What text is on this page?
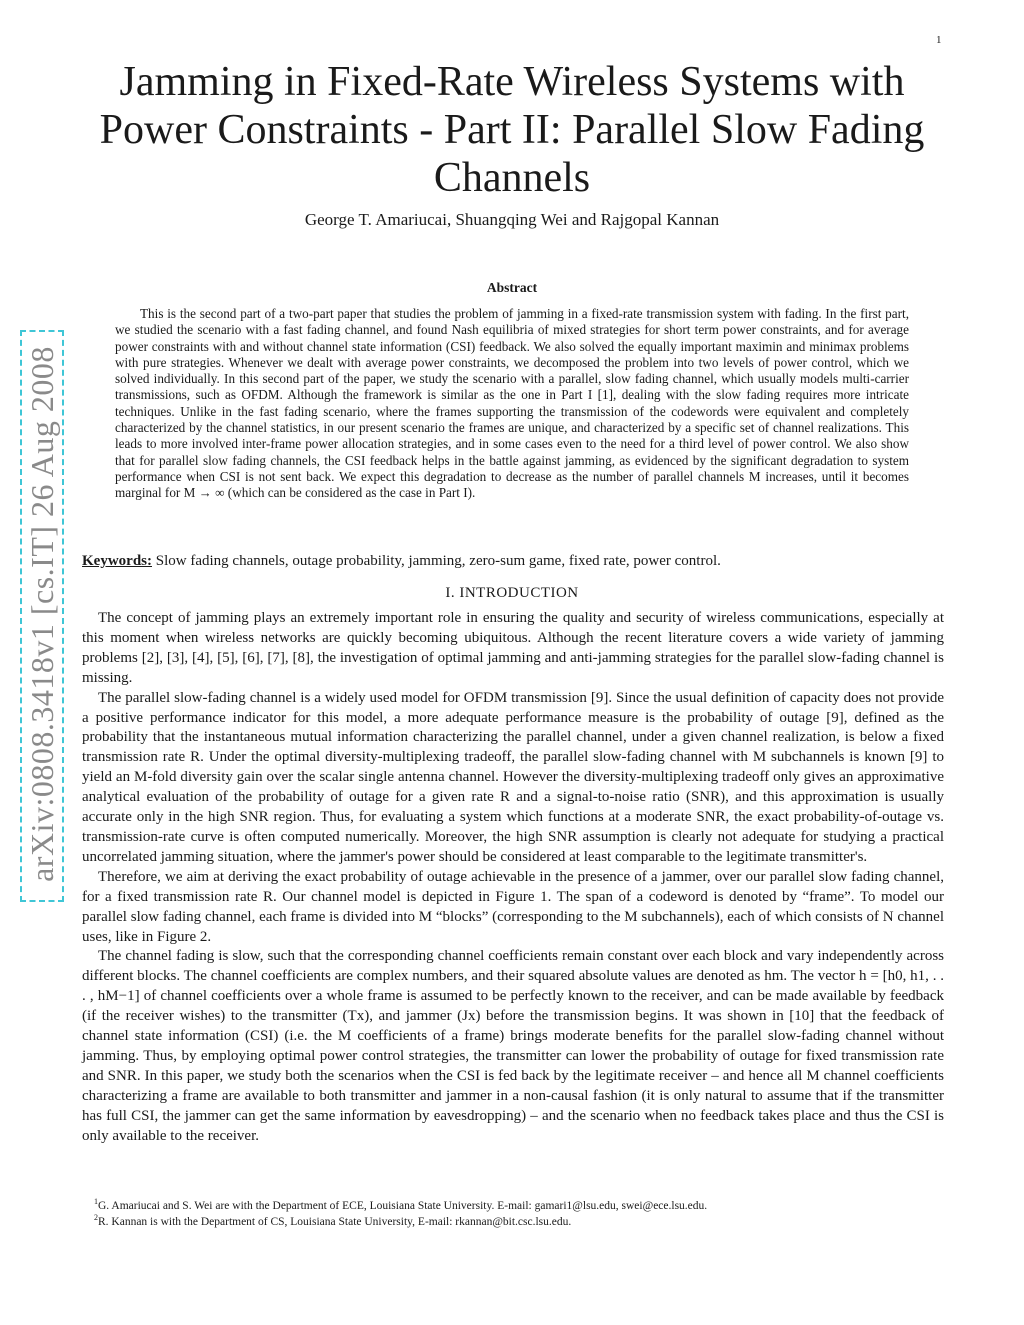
1
arXiv:0808.3418v1 [cs.IT] 26 Aug 2008
Jamming in Fixed-Rate Wireless Systems with Power Constraints - Part II: Parallel Slow Fading Channels
George T. Amariucai, Shuangqing Wei and Rajgopal Kannan
Abstract

This is the second part of a two-part paper that studies the problem of jamming in a fixed-rate transmission system with fading. In the first part, we studied the scenario with a fast fading channel, and found Nash equilibria of mixed strategies for short term power constraints, and for average power constraints with and without channel state information (CSI) feedback. We also solved the equally important maximin and minimax problems with pure strategies. Whenever we dealt with average power constraints, we decomposed the problem into two levels of power control, which we solved individually. In this second part of the paper, we study the scenario with a parallel, slow fading channel, which usually models multi-carrier transmissions, such as OFDM. Although the framework is similar as the one in Part I [1], dealing with the slow fading requires more intricate techniques. Unlike in the fast fading scenario, where the frames supporting the transmission of the codewords were equivalent and completely characterized by the channel statistics, in our present scenario the frames are unique, and characterized by a specific set of channel realizations. This leads to more involved inter-frame power allocation strategies, and in some cases even to the need for a third level of power control. We also show that for parallel slow fading channels, the CSI feedback helps in the battle against jamming, as evidenced by the significant degradation to system performance when CSI is not sent back. We expect this degradation to decrease as the number of parallel channels M increases, until it becomes marginal for M → ∞ (which can be considered as the case in Part I).

Keywords: Slow fading channels, outage probability, jamming, zero-sum game, fixed rate, power control.
I. INTRODUCTION

The concept of jamming plays an extremely important role in ensuring the quality and security of wireless communications, especially at this moment when wireless networks are quickly becoming ubiquitous. Although the recent literature covers a wide variety of jamming problems [2], [3], [4], [5], [6], [7], [8], the investigation of optimal jamming and anti-jamming strategies for the parallel slow-fading channel is missing.

The parallel slow-fading channel is a widely used model for OFDM transmission [9]. Since the usual definition of capacity does not provide a positive performance indicator for this model, a more adequate performance measure is the probability of outage [9], defined as the probability that the instantaneous mutual information characterizing the parallel channel, under a given channel realization, is below a fixed transmission rate R. Under the optimal diversity-multiplexing tradeoff, the parallel slow-fading channel with M subchannels is known [9] to yield an M-fold diversity gain over the scalar single antenna channel. However the diversity-multiplexing tradeoff only gives an approximative analytical evaluation of the probability of outage for a given rate R and a signal-to-noise ratio (SNR), and this approximation is usually accurate only in the high SNR region. Thus, for evaluating a system which functions at a moderate SNR, the exact probability-of-outage vs. transmission-rate curve is often computed numerically. Moreover, the high SNR assumption is clearly not adequate for studying a practical uncorrelated jamming situation, where the jammer's power should be considered at least comparable to the legitimate transmitter's.

Therefore, we aim at deriving the exact probability of outage achievable in the presence of a jammer, over our parallel slow fading channel, for a fixed transmission rate R. Our channel model is depicted in Figure 1. The span of a codeword is denoted by “frame”. To model our parallel slow fading channel, each frame is divided into M “blocks” (corresponding to the M subchannels), each of which consists of N channel uses, like in Figure 2.

The channel fading is slow, such that the corresponding channel coefficients remain constant over each block and vary independently across different blocks. The channel coefficients are complex numbers, and their squared absolute values are denoted as hm. The vector h = [h0, h1, . . . , hM−1] of channel coefficients over a whole frame is assumed to be perfectly known to the receiver, and can be made available by feedback (if the receiver wishes) to the transmitter (Tx), and jammer (Jx) before the transmission begins. It was shown in [10] that the feedback of channel state information (CSI) (i.e. the M coefficients of a frame) brings moderate benefits for the parallel slow-fading channel without jamming. Thus, by employing optimal power control strategies, the transmitter can lower the probability of outage for fixed transmission rate and SNR. In this paper, we study both the scenarios when the CSI is fed back by the legitimate receiver – and hence all M channel coefficients characterizing a frame are available to both transmitter and jammer in a non-causal fashion (it is only natural to assume that if the transmitter has full CSI, the jammer can get the same information by eavesdropping) – and the scenario when no feedback takes place and thus the CSI is only available to the receiver.

$^1$G. Amariucai and S. Wei are with the Department of ECE, Louisiana State University. E-mail: gamari1@lsu.edu, swei@ece.lsu.edu.

$^2$R. Kannan is with the Department of CS, Louisiana State University, E-mail: rkannan@bit.csc.lsu.edu.
